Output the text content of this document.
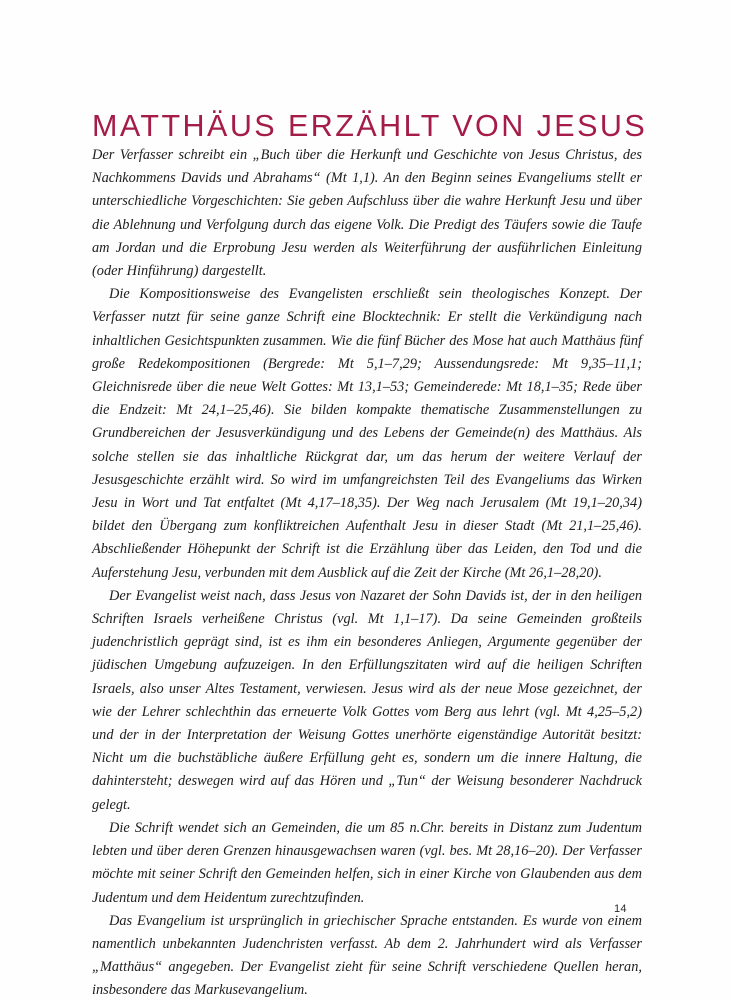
MATTHÄUS ERZÄHLT VON JESUS

Der Verfasser schreibt ein „Buch über die Herkunft und Geschichte von Jesus Christus, des Nachkommens Davids und Abrahams“ (Mt 1,1). An den Beginn seines Evangeliums stellt er unterschiedliche Vorgeschichten: Sie geben Aufschluss über die wahre Herkunft Jesu und über die Ablehnung und Verfolgung durch das eigene Volk. Die Predigt des Täufers sowie die Taufe am Jordan und die Erprobung Jesu werden als Weiterführung der ausführlichen Einleitung (oder Hinführung) dargestellt.

Die Kompositionsweise des Evangelisten erschließt sein theologisches Konzept. Der Verfasser nutzt für seine ganze Schrift eine Blocktechnik: Er stellt die Verkündigung nach inhaltlichen Gesichtspunkten zusammen. Wie die fünf Bücher des Mose hat auch Matthäus fünf große Redekompositionen (Bergrede: Mt 5,1–7,29; Aussendungsrede: Mt 9,35–11,1; Gleichnisrede über die neue Welt Gottes: Mt 13,1–53; Gemeinderede: Mt 18,1–35; Rede über die Endzeit: Mt 24,1–25,46). Sie bilden kompakte thematische Zusammenstellungen zu Grundbereichen der Jesusverkündigung und des Lebens der Gemeinde(n) des Matthäus. Als solche stellen sie das inhaltliche Rückgrat dar, um das herum der weitere Verlauf der Jesusgeschichte erzählt wird. So wird im umfangreichsten Teil des Evangeliums das Wirken Jesu in Wort und Tat entfaltet (Mt 4,17–18,35). Der Weg nach Jerusalem (Mt 19,1–20,34) bildet den Übergang zum konfliktreichen Aufenthalt Jesu in dieser Stadt (Mt 21,1–25,46). Abschließender Höhepunkt der Schrift ist die Erzählung über das Leiden, den Tod und die Auferstehung Jesu, verbunden mit dem Ausblick auf die Zeit der Kirche (Mt 26,1–28,20).

Der Evangelist weist nach, dass Jesus von Nazaret der Sohn Davids ist, der in den heiligen Schriften Israels verheißene Christus (vgl. Mt 1,1–17). Da seine Gemeinden großteils judenchristlich geprägt sind, ist es ihm ein besonderes Anliegen, Argumente gegenüber der jüdischen Umgebung aufzuzeigen. In den Erfüllungszitaten wird auf die heiligen Schriften Israels, also unser Altes Testament, verwiesen. Jesus wird als der neue Mose gezeichnet, der wie der Lehrer schlechthin das erneuerte Volk Gottes vom Berg aus lehrt (vgl. Mt 4,25–5,2) und der in der Interpretation der Weisung Gottes unerhörte eigenständige Autorität besitzt: Nicht um die buchstäbliche äußere Erfüllung geht es, sondern um die innere Haltung, die dahintersteht; deswegen wird auf das Hören und „Tun“ der Weisung besonderer Nachdruck gelegt.

Die Schrift wendet sich an Gemeinden, die um 85 n.Chr. bereits in Distanz zum Judentum lebten und über deren Grenzen hinausgewachsen waren (vgl. bes. Mt 28,16–20). Der Verfasser möchte mit seiner Schrift den Gemeinden helfen, sich in einer Kirche von Glaubenden aus dem Judentum und dem Heidentum zurechtzufinden.

Das Evangelium ist ursprünglich in griechischer Sprache entstanden. Es wurde von einem namentlich unbekannten Judenchristen verfasst. Ab dem 2. Jahrhundert wird als Verfasser „Matthäus“ angegeben. Der Evangelist zieht für seine Schrift verschiedene Quellen heran, insbesondere das Markusevangelium.

14
